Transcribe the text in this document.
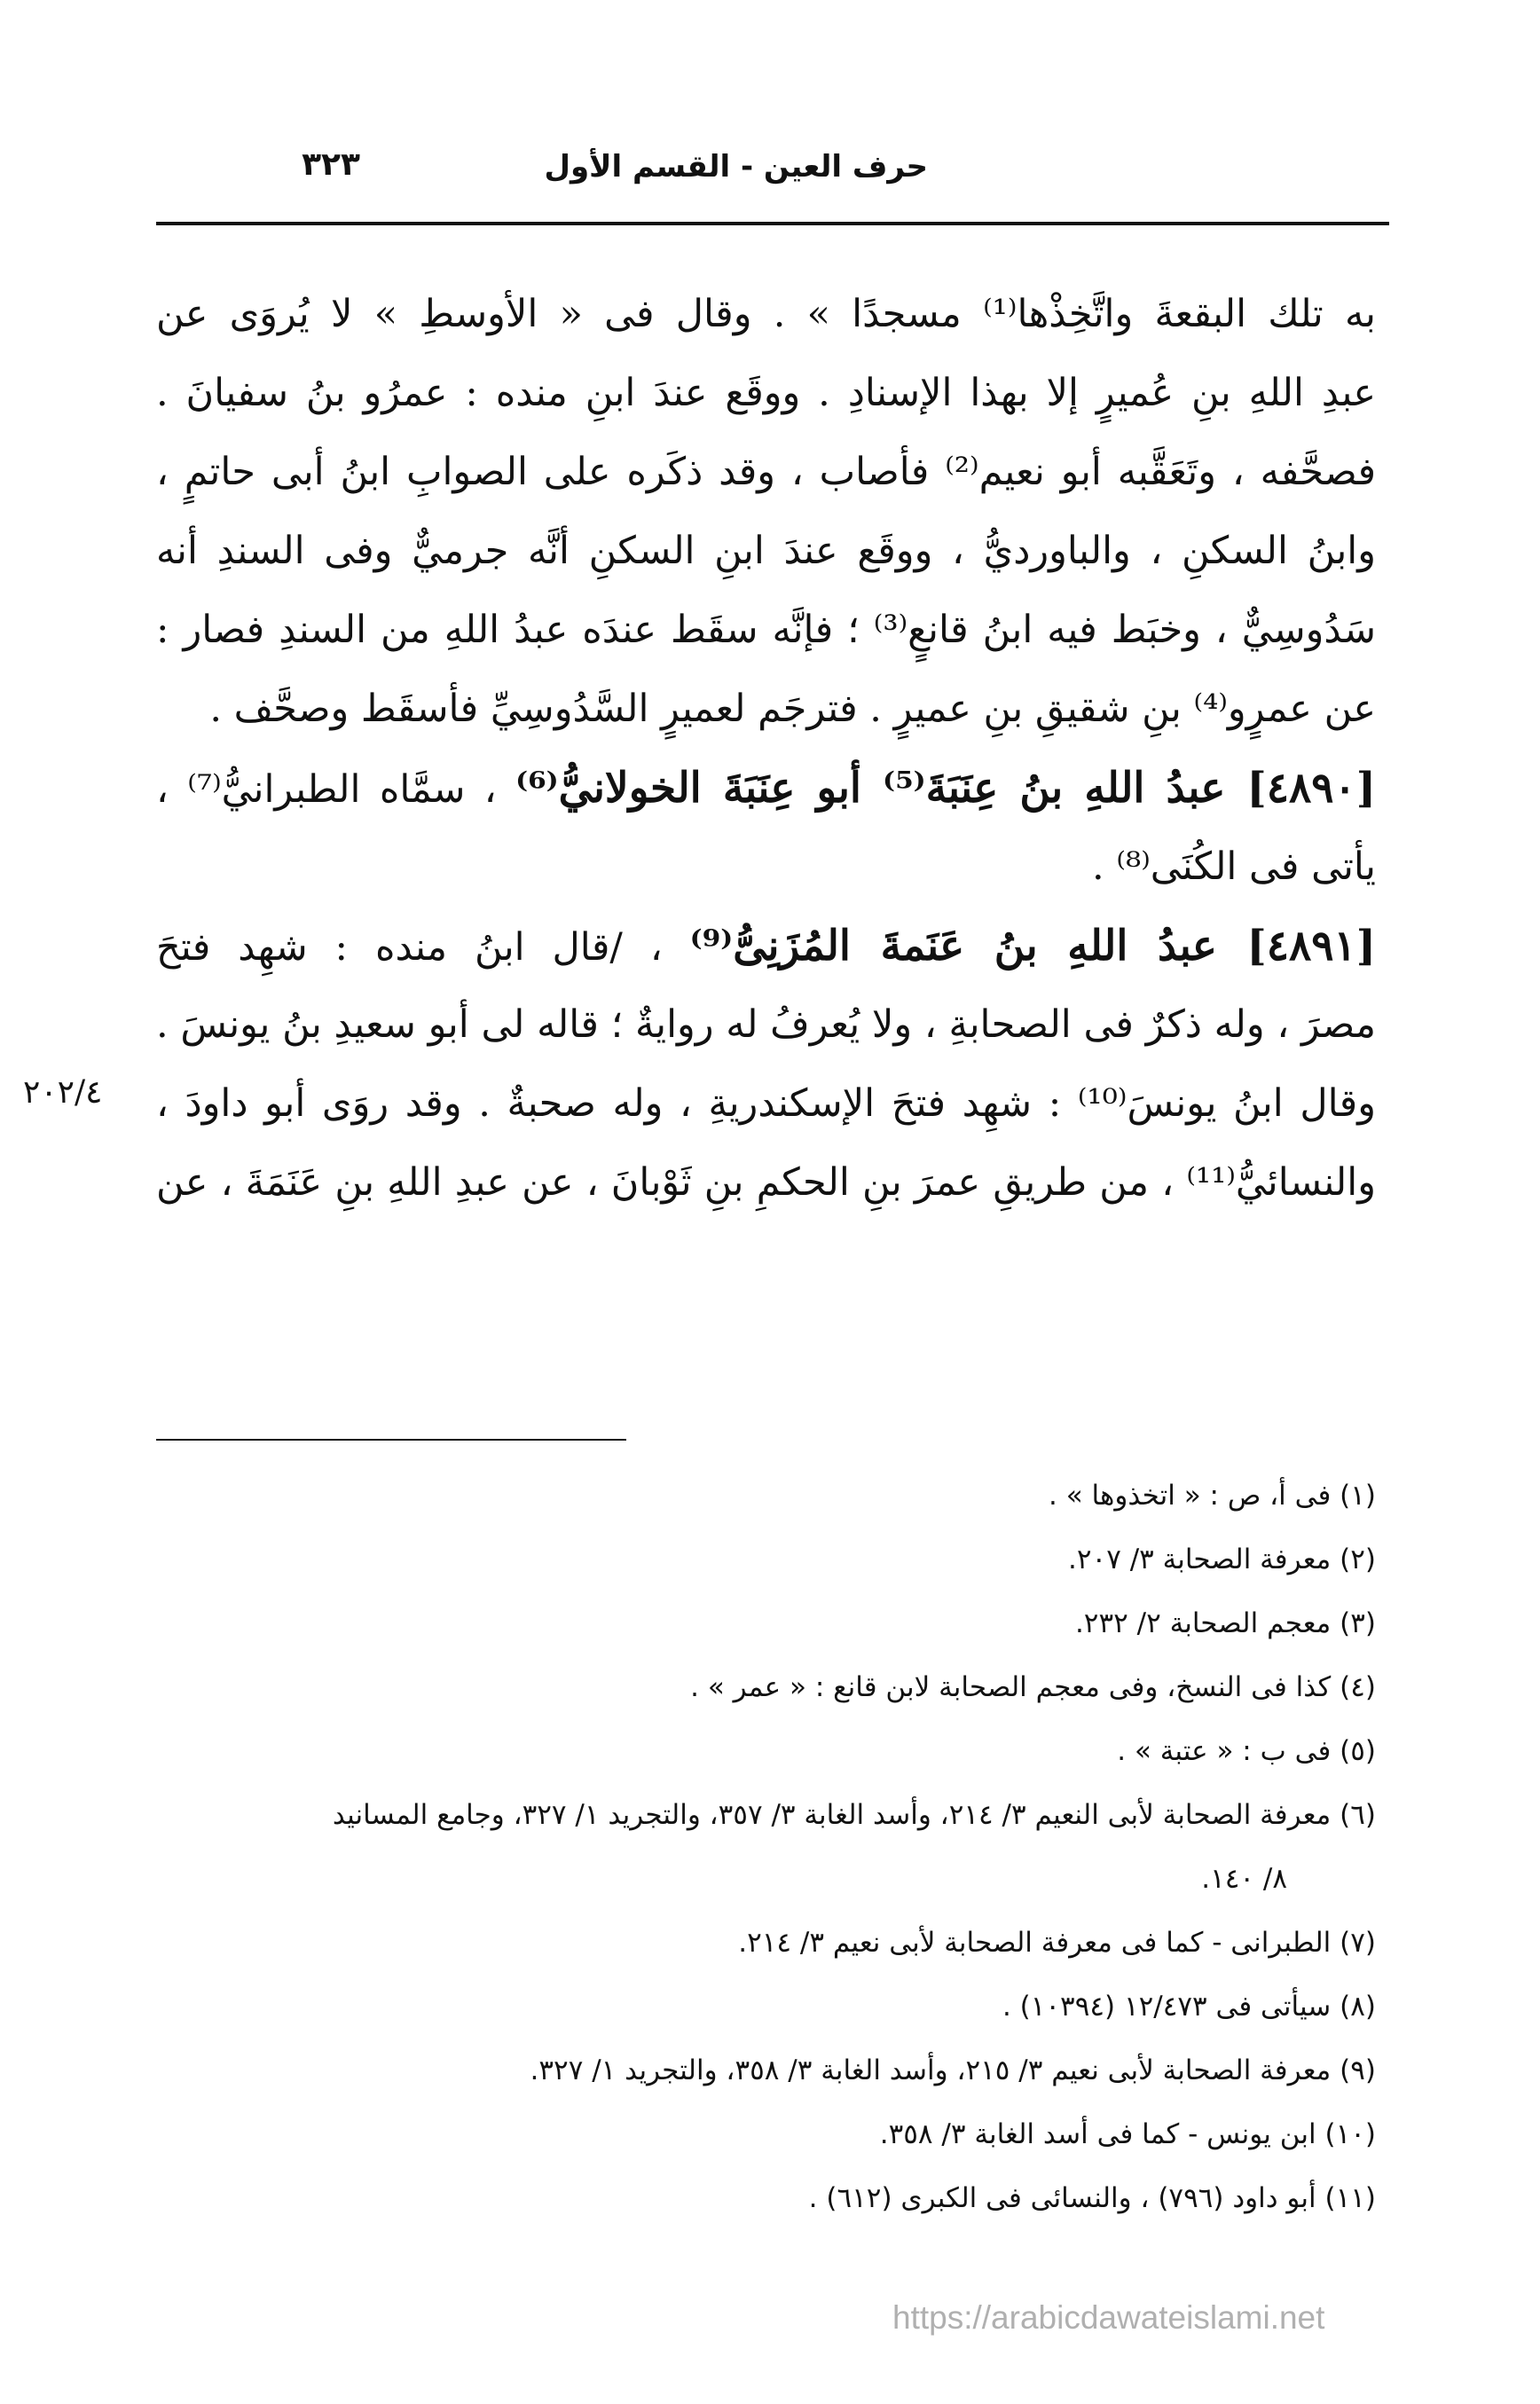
حرف العين - القسم الأول
٣٢٣
به تلك البقعةَ واتَّخِذْها⁽¹⁾ مسجدًا » . وقال فى « الأوسطِ » لا يُروَى عن
عبدِ اللهِ بنِ عُميرٍ إلا بهذا الإسنادِ . ووقَع عندَ ابنِ منده : عمرُو بنُ سفيانَ .
فصحَّفه ، وتَعَقَّبه أبو نعيم⁽²⁾ فأصاب ، وقد ذكَره على الصوابِ ابنُ أبى حاتمٍ ،
وابنُ السكنِ ، والباورديُّ ، ووقَع عندَ ابنِ السكنِ أنَّه جرميٌّ وفى السندِ أنه
سَدُوسِيٌّ ، وخبَط فيه ابنُ قانعٍ⁽³⁾ ؛ فإنَّه سقَط عندَه عبدُ اللهِ من السندِ فصار :
عن عمرٍو⁽⁴⁾ بنِ شقيقِ بنِ عميرٍ . فترجَم لعميرٍ السَّدُوسِيِّ فأسقَط وصحَّف .
[٤٨٩٠] عبدُ اللهِ بنُ عِنَبَةَ⁽⁵⁾ أبو عِنَبَةَ الخولانيُّ⁽⁶⁾ ، سمَّاه الطبرانيُّ⁽⁷⁾ ،
يأتى فى الكُنَى⁽⁸⁾ .
[٤٨٩١] عبدُ اللهِ بنُ عَنَمةَ المُزَنِىُّ⁽⁹⁾ ، /قال ابنُ منده : شهِد فتحَ
مصرَ ، وله ذكرٌ فى الصحابةِ ، ولا يُعرفُ له روايةٌ ؛ قاله لى أبو سعيدِ بنُ يونسَ .
وقال ابنُ يونسَ⁽¹⁰⁾ : شهِد فتحَ الإسكندريةِ ، وله صحبةٌ . وقد روَى أبو داودَ ،
والنسائيُّ⁽¹¹⁾ ، من طريقِ عمرَ بنِ الحكمِ بنِ ثَوْبانَ ، عن عبدِ اللهِ بنِ عَنَمَةَ ، عن
٢٠٢/٤
(١) فى أ، ص : « اتخذوها » .
(٢) معرفة الصحابة ٣/ ٢٠٧.
(٣) معجم الصحابة ٢/ ٢٣٢.
(٤) كذا فى النسخ، وفى معجم الصحابة لابن قانع : « عمر » .
(٥) فى ب : « عتبة » .
(٦) معرفة الصحابة لأبى النعيم ٣/ ٢١٤، وأسد الغابة ٣/ ٣٥٧، والتجريد ١/ ٣٢٧، وجامع المسانيد
٨/ ١٤٠.
(٧) الطبرانى - كما فى معرفة الصحابة لأبى نعيم ٣/ ٢١٤.
(٨) سيأتى فى ١٢/٤٧٣ (١٠٣٩٤) .
(٩) معرفة الصحابة لأبى نعيم ٣/ ٢١٥، وأسد الغابة ٣/ ٣٥٨، والتجريد ١/ ٣٢٧.
(١٠) ابن يونس - كما فى أسد الغابة ٣/ ٣٥٨.
(١١) أبو داود (٧٩٦) ، والنسائى فى الكبرى (٦١٢) .
https://arabicdawateislami.net
